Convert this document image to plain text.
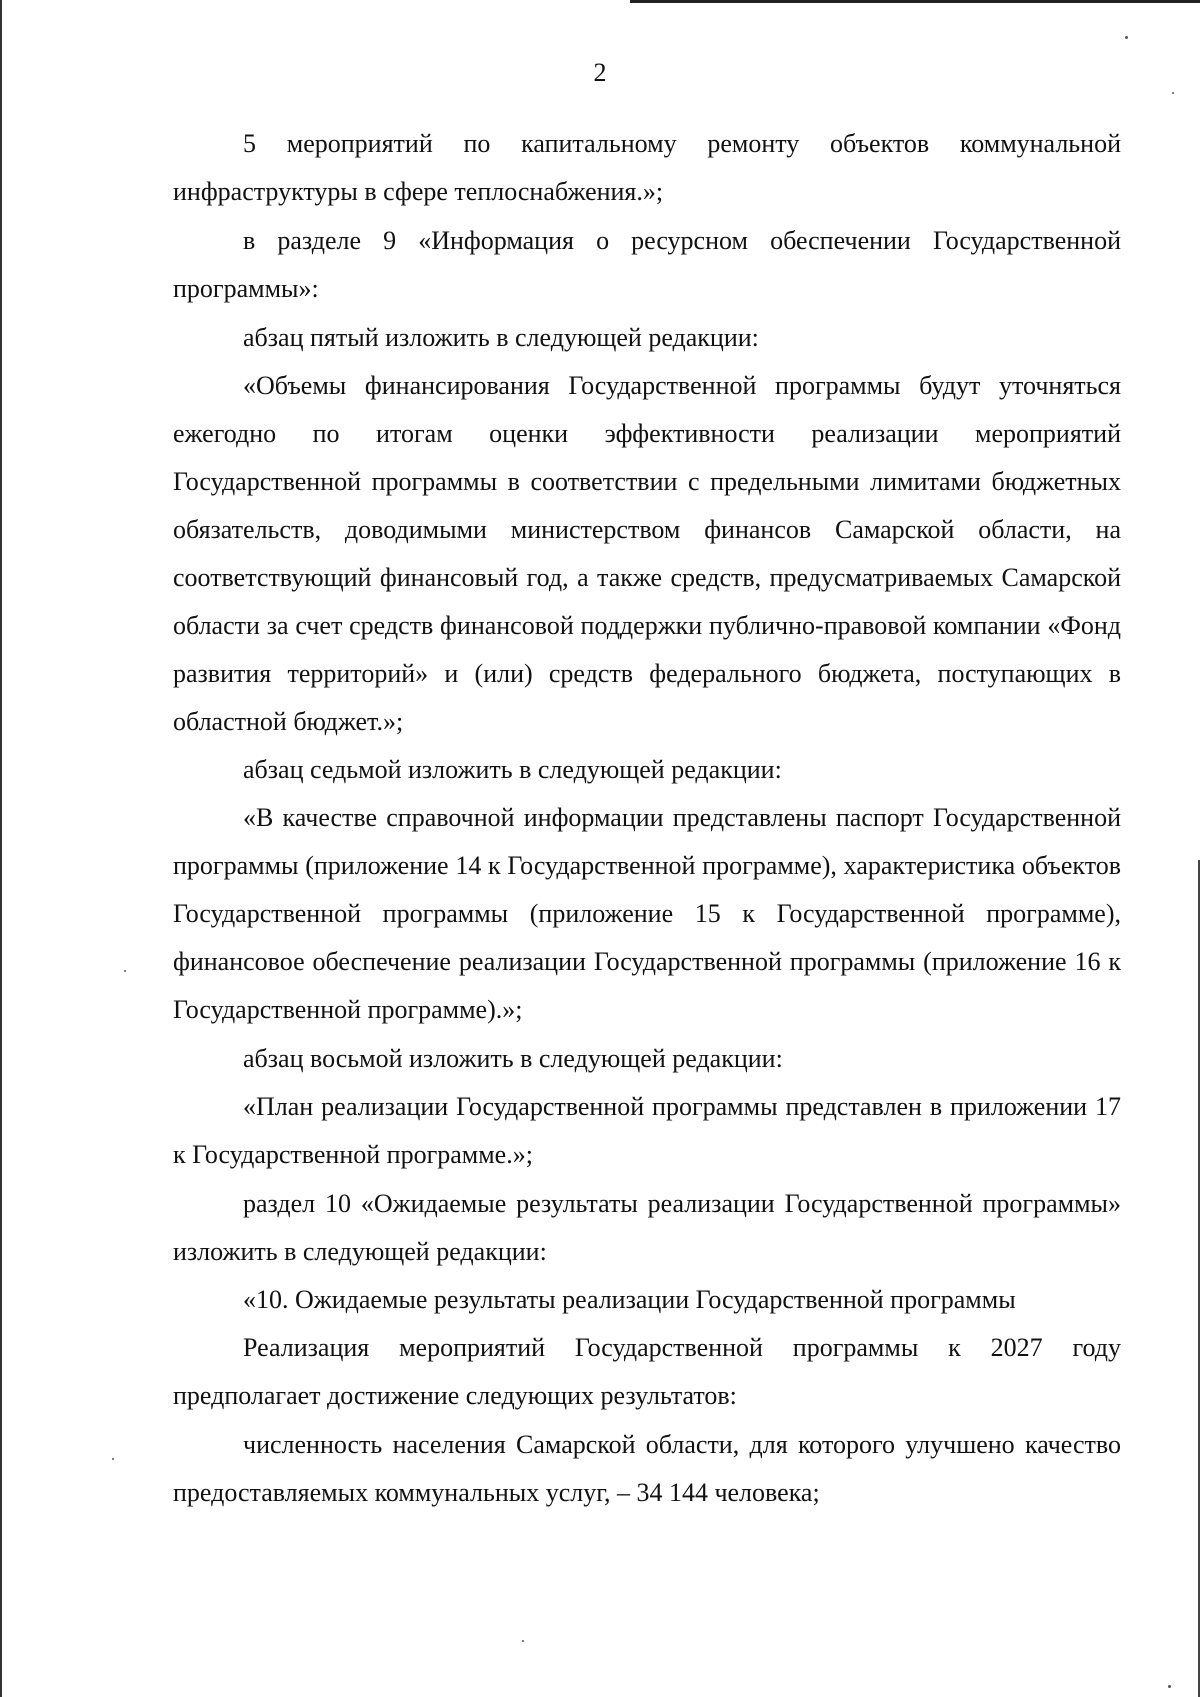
2

5 мероприятий по капитальному ремонту объектов коммунальной инфраструктуры в сфере теплоснабжения.»;

в разделе 9 «Информация о ресурсном обеспечении Государственной программы»:

абзац пятый изложить в следующей редакции:

«Объемы финансирования Государственной программы будут уточняться ежегодно по итогам оценки эффективности реализации мероприятий Государственной программы в соответствии с предельными лимитами бюджетных обязательств, доводимыми министерством финансов Самарской области, на соответствующий финансовый год, а также средств, предусматриваемых Самарской области за счет средств финансовой поддержки публично-правовой компании «Фонд развития территорий» и (или) средств федерального бюджета, поступающих в областной бюджет.»;

абзац седьмой изложить в следующей редакции:

«В качестве справочной информации представлены паспорт Государственной программы (приложение 14 к Государственной программе), характеристика объектов Государственной программы (приложение 15 к Государственной программе), финансовое обеспечение реализации Государственной программы (приложение 16 к Государственной программе).»;

абзац восьмой изложить в следующей редакции:

«План реализации Государственной программы представлен в приложении 17 к Государственной программе.»;

раздел 10 «Ожидаемые результаты реализации Государственной программы» изложить в следующей редакции:

«10. Ожидаемые результаты реализации Государственной программы

Реализация мероприятий Государственной программы к 2027 году предполагает достижение следующих результатов:

численность населения Самарской области, для которого улучшено качество предоставляемых коммунальных услуг, – 34 144 человека;
